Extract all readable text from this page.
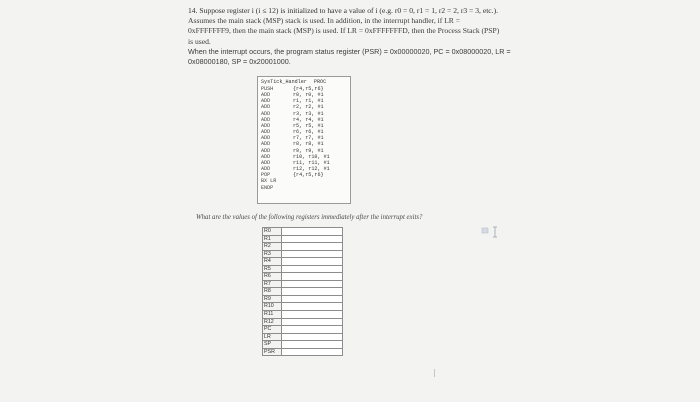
14. Suppose register i (i ≤ 12) is initialized to have a value of i (e.g. r0 = 0, r1 = 1, r2 = 2, r3 = 3, etc.).

Assumes the main stack (MSP) stack is used. In addition, in the interrupt handler, if LR =

0xFFFFFFF9, then the main stack (MSP) is used. If LR = 0xFFFFFFFD, then the Process Stack (PSP)

is used.

When the interrupt occurs, the program status register (PSR) = 0x00000020, PC = 0x08000020, LR =

0x08000180, SP = 0x20001000.

SysTick_Handler PROC
PUSH	{r4,r5,r6}
ADD	r0, r0, #1
ADD	r1, r1, #1
ADD	r2, r2, #1
ADD	r3, r3, #1
ADD	r4, r4, #1
ADD	r5, r5, #1
ADD	r6, r6, #1
ADD	r7, r7, #1
ADD	r8, r8, #1
ADD	r9, r9, #1
ADD	r10, r10, #1
ADD	r11, r11, #1
ADD	r12, r12, #1
POP	{r4,r5,r6}
BX LR
ENDP
What are the values of the following registers immediately after the interrupt exits?
R0	
R1	
R2	
R3	
R4	
R5	
R6	
R7	
R8	
R9	
R10	
R11	
R12	
PC	
LR	
SP	
PSR	
